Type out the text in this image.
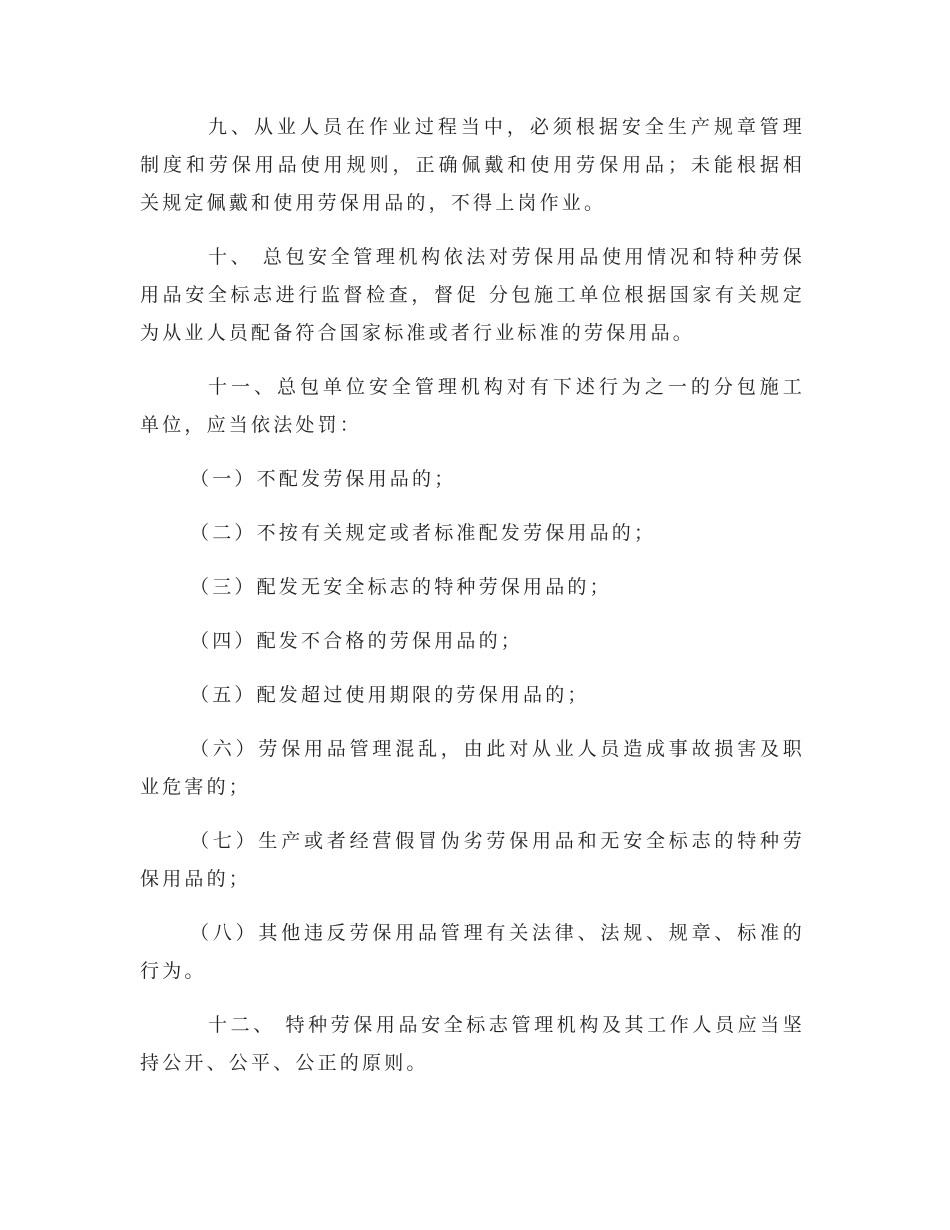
九、从业人员在作业过程当中，必须根据安全生产规章管理制度和劳保用品使用规则，正确佩戴和使用劳保用品；未能根据相关规定佩戴和使用劳保用品的，不得上岗作业。

十、 总包安全管理机构依法对劳保用品使用情况和特种劳保用品安全标志进行监督检查，督促 分包施工单位根据国家有关规定为从业人员配备符合国家标准或者行业标准的劳保用品。

十一、总包单位安全管理机构对有下述行为之一的分包施工单位，应当依法处罚：

（一）不配发劳保用品的；

（二）不按有关规定或者标准配发劳保用品的；

（三）配发无安全标志的特种劳保用品的；

（四）配发不合格的劳保用品的；

（五）配发超过使用期限的劳保用品的；

（六）劳保用品管理混乱，由此对从业人员造成事故损害及职业危害的；

（七）生产或者经营假冒伪劣劳保用品和无安全标志的特种劳保用品的；

（八）其他违反劳保用品管理有关法律、法规、规章、标准的行为。

十二、 特种劳保用品安全标志管理机构及其工作人员应当坚持公开、公平、公正的原则。
